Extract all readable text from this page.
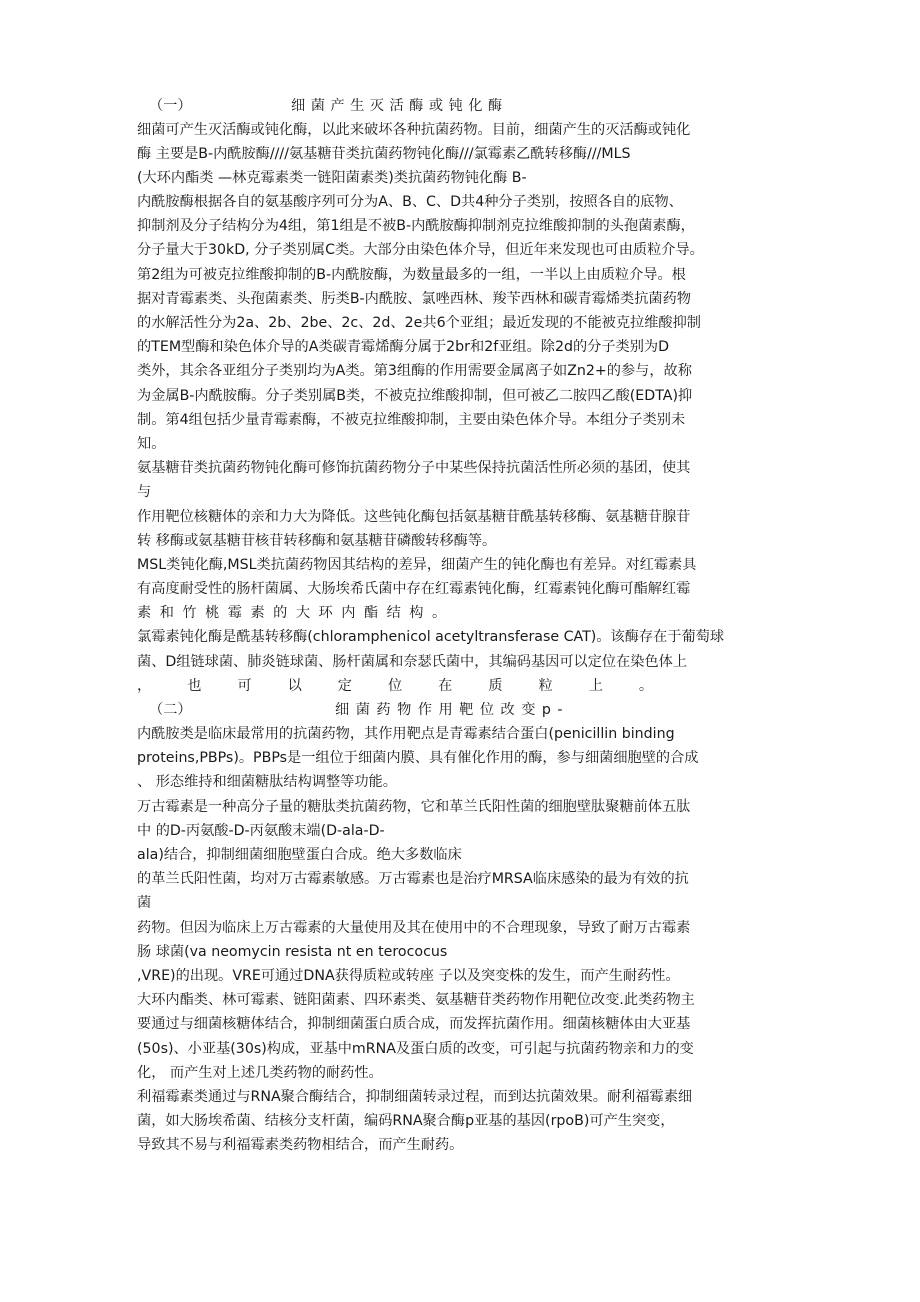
（一）	细菌产生灭活酶或钝化酶
细菌可产生灭活酶或钝化酶，以此来破坏各种抗菌药物。目前，细菌产生的灭活酶或钝化
酶 主要是B-内酰胺酶////氨基糖苷类抗菌药物钝化酶///氯霉素乙酰转移酶///MLS
(大环内酯类 —林克霉素类一链阳菌素类)类抗菌药物钝化酶 B-
内酰胺酶根据各自的氨基酸序列可分为A、B、C、D共4种分子类别，按照各自的底物、
抑制剂及分子结构分为4组，第1组是不被B-内酰胺酶抑制剂克拉维酸抑制的头孢菌素酶，
分子量大于30kD, 分子类别属C类。大部分由染色体介导，但近年来发现也可由质粒介导。
第2组为可被克拉维酸抑制的B-内酰胺酶，为数量最多的一组，一半以上由质粒介导。根
据对青霉素类、头孢菌素类、肟类B-内酰胺、氯唑西林、羧苄西林和碳青霉烯类抗菌药物
的水解活性分为2a、2b、2be、2c、2d、2e共6个亚组；最近发现的不能被克拉维酸抑制
的TEM型酶和染色体介导的A类碳青霉烯酶分属于2br和2f亚组。除2d的分子类别为D
类外，其余各亚组分子类别均为A类。第3组酶的作用需要金属离子如Zn2+的参与，故称
为金属B-内酰胺酶。分子类别属B类，不被克拉维酸抑制，但可被乙二胺四乙酸(EDTA)抑
制。第4组包括少量青霉素酶，不被克拉维酸抑制，主要由染色体介导。本组分子类别未
知。
氨基糖苷类抗菌药物钝化酶可修饰抗菌药物分子中某些保持抗菌活性所必须的基团，使其
与
作用靶位核糖体的亲和力大为降低。这些钝化酶包括氨基糖苷酰基转移酶、氨基糖苷腺苷
转 移酶或氨基糖苷核苷转移酶和氨基糖苷磷酸转移酶等。
MSL类钝化酶,MSL类抗菌药物因其结构的差异，细菌产生的钝化酶也有差异。对红霉素具
有高度耐受性的肠杆菌属、大肠埃希氏菌中存在红霉素钝化酶，红霉素钝化酶可酯解红霉
素和竹桃霉素的大环内酯结构。
氯霉素钝化酶是酰基转移酶(chloramphenicol acetyltransferase CAT)。该酶存在于葡萄球
菌、D组链球菌、肺炎链球菌、肠杆菌属和奈瑟氏菌中，其编码基因可以定位在染色体上
，也可以定位在质粒上。
（二）	细菌药物作用靶位改变p-
内酰胺类是临床最常用的抗菌药物，其作用靶点是青霉素结合蛋白(penicillin binding
proteins,PBPs)。PBPs是一组位于细菌内膜、具有催化作用的酶，参与细菌细胞壁的合成
、 形态维持和细菌糖肽结构调整等功能。
万古霉素是一种高分子量的糖肽类抗菌药物，它和革兰氏阳性菌的细胞壁肽聚糖前体五肽
中 的D-丙氨酸-D-丙氨酸末端(D-ala-D-
ala)结合，抑制细菌细胞壁蛋白合成。绝大多数临床
的革兰氏阳性菌，均对万古霉素敏感。万古霉素也是治疗MRSA临床感染的最为有效的抗
菌
药物。但因为临床上万古霉素的大量使用及其在使用中的不合理现象，导致了耐万古霉素
肠 球菌(va neomycin resista nt en terococus
,VRE)的出现。VRE可通过DNA获得质粒或转座 子以及突变株的发生，而产生耐药性。
大环内酯类、林可霉素、链阳菌素、四环素类、氨基糖苷类药物作用靶位改变.此类药物主
要通过与细菌核糖体结合，抑制细菌蛋白质合成，而发挥抗菌作用。细菌核糖体由大亚基
(50s)、小亚基(30s)构成，亚基中mRNA及蛋白质的改变，可引起与抗菌药物亲和力的变
化， 而产生对上述几类药物的耐药性。
利福霉素类通过与RNA聚合酶结合，抑制细菌转录过程，而到达抗菌效果。耐利福霉素细
菌，如大肠埃希菌、结核分支杆菌，编码RNA聚合酶p亚基的基因(rpoB)可产生突变，
导致其不易与利福霉素类药物相结合，而产生耐药。
